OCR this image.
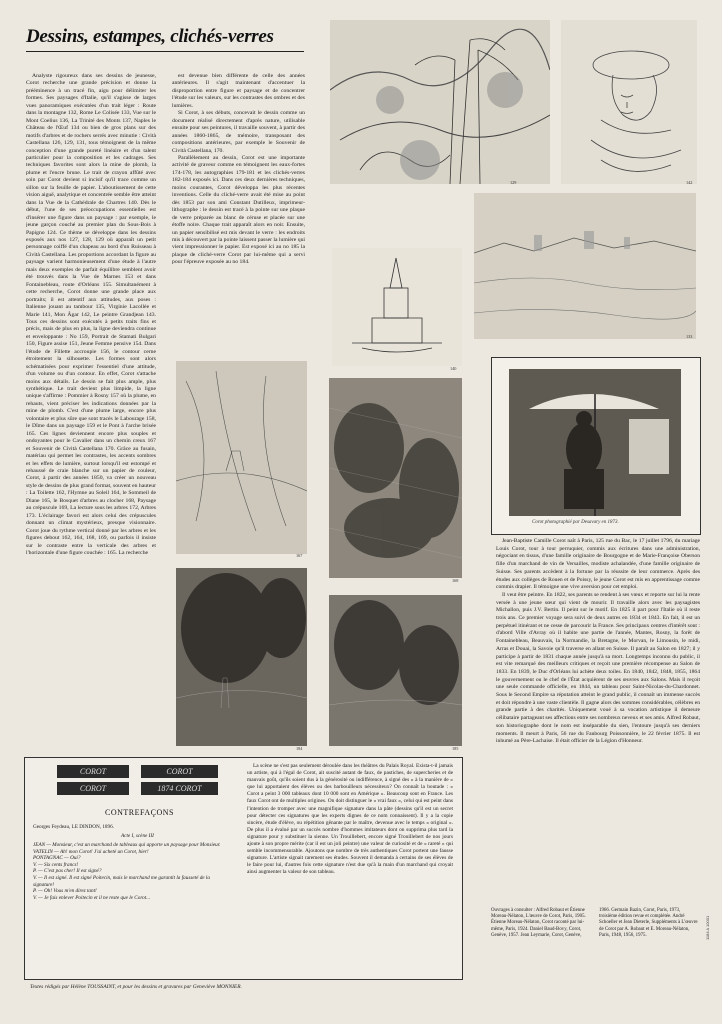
Dessins, estampes, clichés-verres

Analyste rigoureux dans ses dessins de jeunesse, Corot recherche une grande précision et donne la prééminence à un tracé fin, aigu pour délimiter les formes. Ses paysages d'Italie, qu'il s'agisse de larges vues panoramiques exécutées d'un trait léger : Route dans la montagne 132, Rome Le Colisée 133, Vue sur le Mont Coelius 136, La Trinité des Monts 137, Naples le Château de l'Œuf 134 ou bien de gros plans sur des motifs d'arbres et de rochers serrés avec minutie : Cività Castellana 126, 129, 131, tous témoignent de la même conception d'une grande pureté linéaire et d'un talent particulier pour la composition et les cadrages. Ses techniques favorites sont alors la mine de plomb, la plume et l'encre brune. Le trait de crayon affûté avec soin par Corot devient si incisif qu'il trace comme un sillon sur la feuille de papier. L'aboutissement de cette vision aiguë, analytique et concentrée semble être atteint dans la Vue de la Cathédrale de Chartres 140. Dès le début, l'une de ses préoccupations essentielles est d'insérer une figure dans un paysage : par exemple, le jeune garçon couché au premier plan du Sous-Bois à Papigno 124. Ce thème se développe dans les dessins exposés aux nos 127, 128, 129 où apparaît un petit personnage coiffé d'un chapeau au bord d'un Ruisseau à Cività Castellana. Les proportions accordant la figure au paysage varient harmonieusement d'une étude à l'autre mais deux exemples de parfait équilibre semblent avoir été trouvés dans la Vue de Marnes 153 et dans Fontainebleau, route d'Orléans 155. Simultanément à cette recherche, Corot donne une grande place aux portraits; il est attentif aux attitudes, aux poses : Italienne jouant au tambour 135, Virginie Lacollée et Marie 141, Mon Âgar 142, Le peintre Grandjean 143. Tous ces dessins sont exécutés à petits traits fins et précis, mais de plus en plus, la ligne deviendra continue et enveloppante : No 159, Portrait de Stamati Bulgari 150, Figure assise 151, Jeune Femme pensive 154. Dans l'étude de Fillette accroupie 156, le contour cerne étroitement la silhouette. Les formes sont alors schématisées pour exprimer l'essentiel d'une attitude, d'un volume ou d'un contour. En effet, Corot s'attache moins aux détails. Le dessin se fait plus ample, plus synthétique. Le trait devient plus limpide, la ligne unique s'affirme : Pommier à Rosny 157 où la plume, en rehauts, vient préciser les indications données par la mine de plomb. C'est d'une plume large, encore plus volontaire et plus sûre que sont tracés le Labourage 158, le Dîme dans un paysage 159 et le Pont à l'arche brisée 165. Ces lignes deviennent encore plus souples et ondoyantes pour le Cavalier dans un chemin creux 167 et Souvenir de Cività Castellana 170. Grâce au fusain, matériau qui permet les contrastes, les accents sombres et les effets de lumière, surtout lorsqu'il est estompé et rehaussé de craie blanche sur un papier de couleur, Corot, à partir des années 1850, va créer un nouveau style de dessins de plus grand format, souvent en hauteur : La Toilette 162, l'Hymne au Soleil 164, le Sommeil de Diane 165, le Bosquet d'arbres au clocher 168, Paysage au crépuscule 169, La lecture sous les arbres 172, Arbres 173. L'éclairage favori est alors celui des crépuscules donnant un climat mystérieux, presque visionnaire. Corot joue du rythme vertical donné par les arbres et les figures debout 162, 164, 168, 169, ou parfois il insiste sur le contraste entre la verticale des arbres et l'horizontale d'une figure couchée : 165. La recherche

est devenue bien différente de celle des années antérieures. Il s'agit maintenant d'accentuer la disproportion entre figure et paysage et de concentrer l'étude sur les valeurs, sur les contrastes des ombres et des lumières.

Si Corot, à ses débuts, concevait le dessin comme un document réalisé directement d'après nature, utilisable ensuite pour ses peintures, il travaille souvent, à partir des années 1860-1865, de mémoire, transposant des compositions antérieures, par exemple le Souvenir de Cività Castellana, 170.

Parallèlement au dessin, Corot est une importante activité de graveur comme en témoignent les eaux-fortes 174-178, les autographies 179-181 et les clichés-verres 182-184 exposés ici. Dans ces deux dernières techniques, moins courantes, Corot développa les plus récentes inventions. Celle du cliché-verre avait été mise au point dès 1853 par son ami Constant Dutilleux, imprimeur-lithographe : le dessin est tracé à la pointe sur une plaque de verre préparée au blanc de céruse et placée sur une étoffe noire. Chaque trait apparaît alors en noir. Ensuite, un papier sensibilisé est mis devant le verre : les endroits mis à découvert par la pointe laissent passer la lumière qui vient impressionner le papier. Est exposé ici au no 185 la plaque de cliché-verre Corot par lui-même qui a servi pour l'épreuve exposée au no 184.

129	142
133
140
167
168
184	185
Corot photographié par Desavary en 1873.

Jean-Baptiste Camille Corot naît à Paris, 125 rue du Bac, le 17 juillet 1796, du mariage Louis Corot, tour à tour perruquier, commis aux écritures dans une administration, négociant en tissus, d'une famille originaire de Bourgogne et de Marie-Françoise Oberson fille d'un marchand de vin de Versailles, modiste achalandée, d'une famille originaire de Suisse. Ses parents accèdent à la fortune par la réussite de leur commerce. Après des études aux collèges de Rouen et de Poissy, le jeune Corot est mis en apprentissage comme commis drapier. Il témoigne une vive aversion pour cet emploi.

Il veut être peintre. En 1822, ses parents se rendent à ses vœux et reporte sur lui la rente versée à une jeune sœur qui vient de mourir. Il travaille alors avec les paysagistes Michallon, puis J.V. Bertin. Il peint sur le motif. En 1825 il part pour l'Italie où il reste trois ans. Ce premier voyage sera suivi de deux autres en 1834 et 1843. En fait, il est un perpétuel itinérant et ne cesse de parcourir la France. Ses principaux centres d'intérêt sont : d'abord Ville d'Avray où il habite une partie de l'année, Mantes, Rosny, la forêt de Fontainebleau, Beauvais, la Normandie, la Bretagne, le Morvan, le Limousin, le midi, Arras et Douai, la Savoie qu'il traverse en allant en Suisse. Il paraît au Salon en 1827; il y participe à partir de 1831 chaque année jusqu'à sa mort. Longtemps inconnu du public, il est vite remarqué des meilleurs critiques et reçoit une première récompense au Salon de 1833. En 1839, le Duc d'Orléans lui achète deux toiles. En 1840, 1842, 1848, 1855, 1864 le gouvernement ou le chef de l'État acquièrent de ses œuvres aux Salons. Mais il reçoit une seule commande officielle, en 1844, un tableau pour Saint-Nicolas-du-Chardonnet. Sous le Second Empire sa réputation atteint le grand public, il connaît un immense succès et doit répondre à une vaste clientèle. Il gagne alors des sommes considérables, célèbres en grande partie à des charités. Uniquement voué à sa vocation artistique il demeure célibataire partageant ses affections entre ses nombreux neveux et ses amis. Alfred Robaut, son historiographe dont le nom est inséparable du sien, l'entoure jusqu'à ses derniers moments. Il meurt à Paris, 56 rue du Faubourg Poissonnière, le 22 février 1875. Il est inhumé au Père-Lachaise. Il était officier de la Légion d'Honneur.

COROT	COROT
COROT	1874 COROT
CONTREFAÇONS
Georges Feydeau, LE DINDON, 1896.
Acte I, scène III
JEAN — Monsieur, c'est un marchand de tableaux qui apporte un paysage pour Monsieur.
VATELIN — Ah! mon Corot! J'ai acheté un Corot, hier!
PONTAGNAC — Oui?
V. — Six cents francs!
P. — C'est pas cher! Il est signé?
V. — Il est signé. Il est signé Poitecin, mais le marchand me garantit la fausseté de la signature!
P. — Oh! Vous m'en direz tant!
V. — Je fais enlever Poitecin et il ne reste que le Corot...

La scène ne s'est pas seulement déroulée dans les théâtres du Palais Royal. Exista-t-il jamais un artiste, qui à l'égal de Corot, ait suscité autant de faux, de pastiches, de supercheries et de mauvais goût, qu'ils soient dus à la générosité ou indifférence, à signé des « à la manière de » que lui apportaient des élèves ou des barbouilleurs nécessiteux? On connaît la boutade : « Corot a peint 3 000 tableaux dont 10 000 sont en Amérique ». Beaucoup sont en France. Les faux Corot ont de multiples origines. On doit distinguer le « vrai faux », celui qui est peint dans l'intention de tromper avec une magnifique signature dans la pâte (dessins qu'il est un secret pour détecter ces signatures que les experts dignes de ce nom connaissent). Il y a la copie sincère, étude d'élève, ou répétition gênante par le maître, devenue avec le temps « original ». De plus il a évalué par un succès nombre d'hommes imitateurs dont on supprima plus tard la signature pour y substituer la sienne. Un Trouillebert, encore signé Trouillebert de nos jours ajoute à son propre mérite (car il est un joli peintre) une valeur de curiosité et de « rareté » qui semble incommensurable. Ajoutons que nombre de très authentiques Corot portent une fausse signature. L'artiste signait rarement ses études. Souvent il demanda à certains de ses élèves de le faire pour lui, d'autres fois cette signature n'est due qu'à la main d'un marchand qui croyait ainsi augmenter la valeur de son tableau.

Textes rédigés par Hélène TOUSSAINT, et pour les dessins et gravures par Geneviève MONNIER.
Ouvrages à consulter : Alfred Robaut et Étienne Moreau-Nélaton, L'œuvre de Corot, Paris, 1905. Étienne Moreau-Nélaton, Corot raconté par lui-même, Paris, 1924. Daniel Baud-Bovy, Corot, Genève, 1957. Jean Leymarie, Corot, Genève,
1966. Germain Bazin, Corot, Paris, 1973, troisième édition revue et complétée. André Schoeller et Jean Dieterle, Suppléments à L'œuvre de Corot par A. Robaut et E. Moreau-Nélaton, Paris, 1948, 1956, 1975.	1184 A 10001
